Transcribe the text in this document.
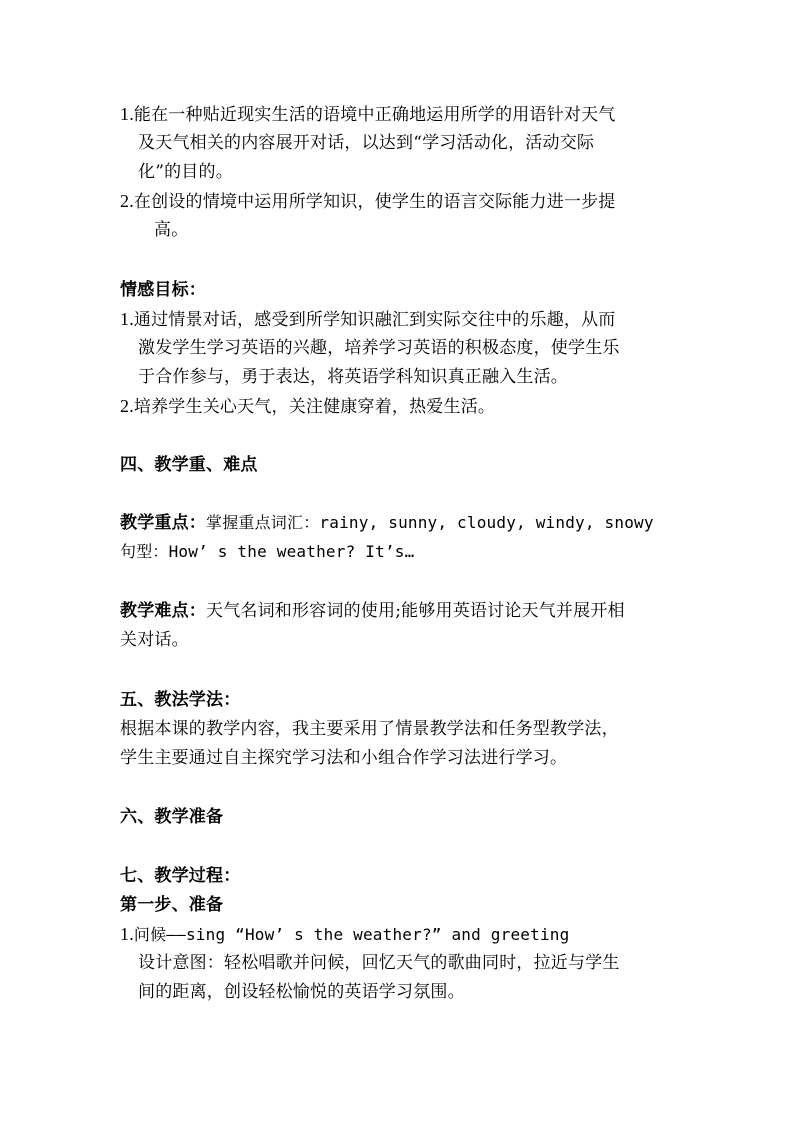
1.能在一种贴近现实生活的语境中正确地运用所学的用语针对天气
及天气相关的内容展开对话，以达到“学习活动化，活动交际
化”的目的。
2.在创设的情境中运用所学知识，使学生的语言交际能力进一步提
高。
情感目标：
1.通过情景对话，感受到所学知识融汇到实际交往中的乐趣，从而
激发学生学习英语的兴趣，培养学习英语的积极态度，使学生乐
于合作参与，勇于表达，将英语学科知识真正融入生活。
2.培养学生关心天气，关注健康穿着，热爱生活。
四、教学重、难点
教学重点：掌握重点词汇：rainy, sunny, cloudy, windy, snowy
句型：How’ s the weather? It’s…
教学难点：天气名词和形容词的使用;能够用英语讨论天气并展开相
关对话。
五、教法学法：
根据本课的教学内容，我主要采用了情景教学法和任务型教学法，
学生主要通过自主探究学习法和小组合作学习法进行学习。
六、教学准备
七、教学过程：
第一步、准备
1.问候——sing “How’ s the weather?” and greeting
设计意图：轻松唱歌并问候，回忆天气的歌曲同时，拉近与学生
间的距离，创设轻松愉悦的英语学习氛围。
